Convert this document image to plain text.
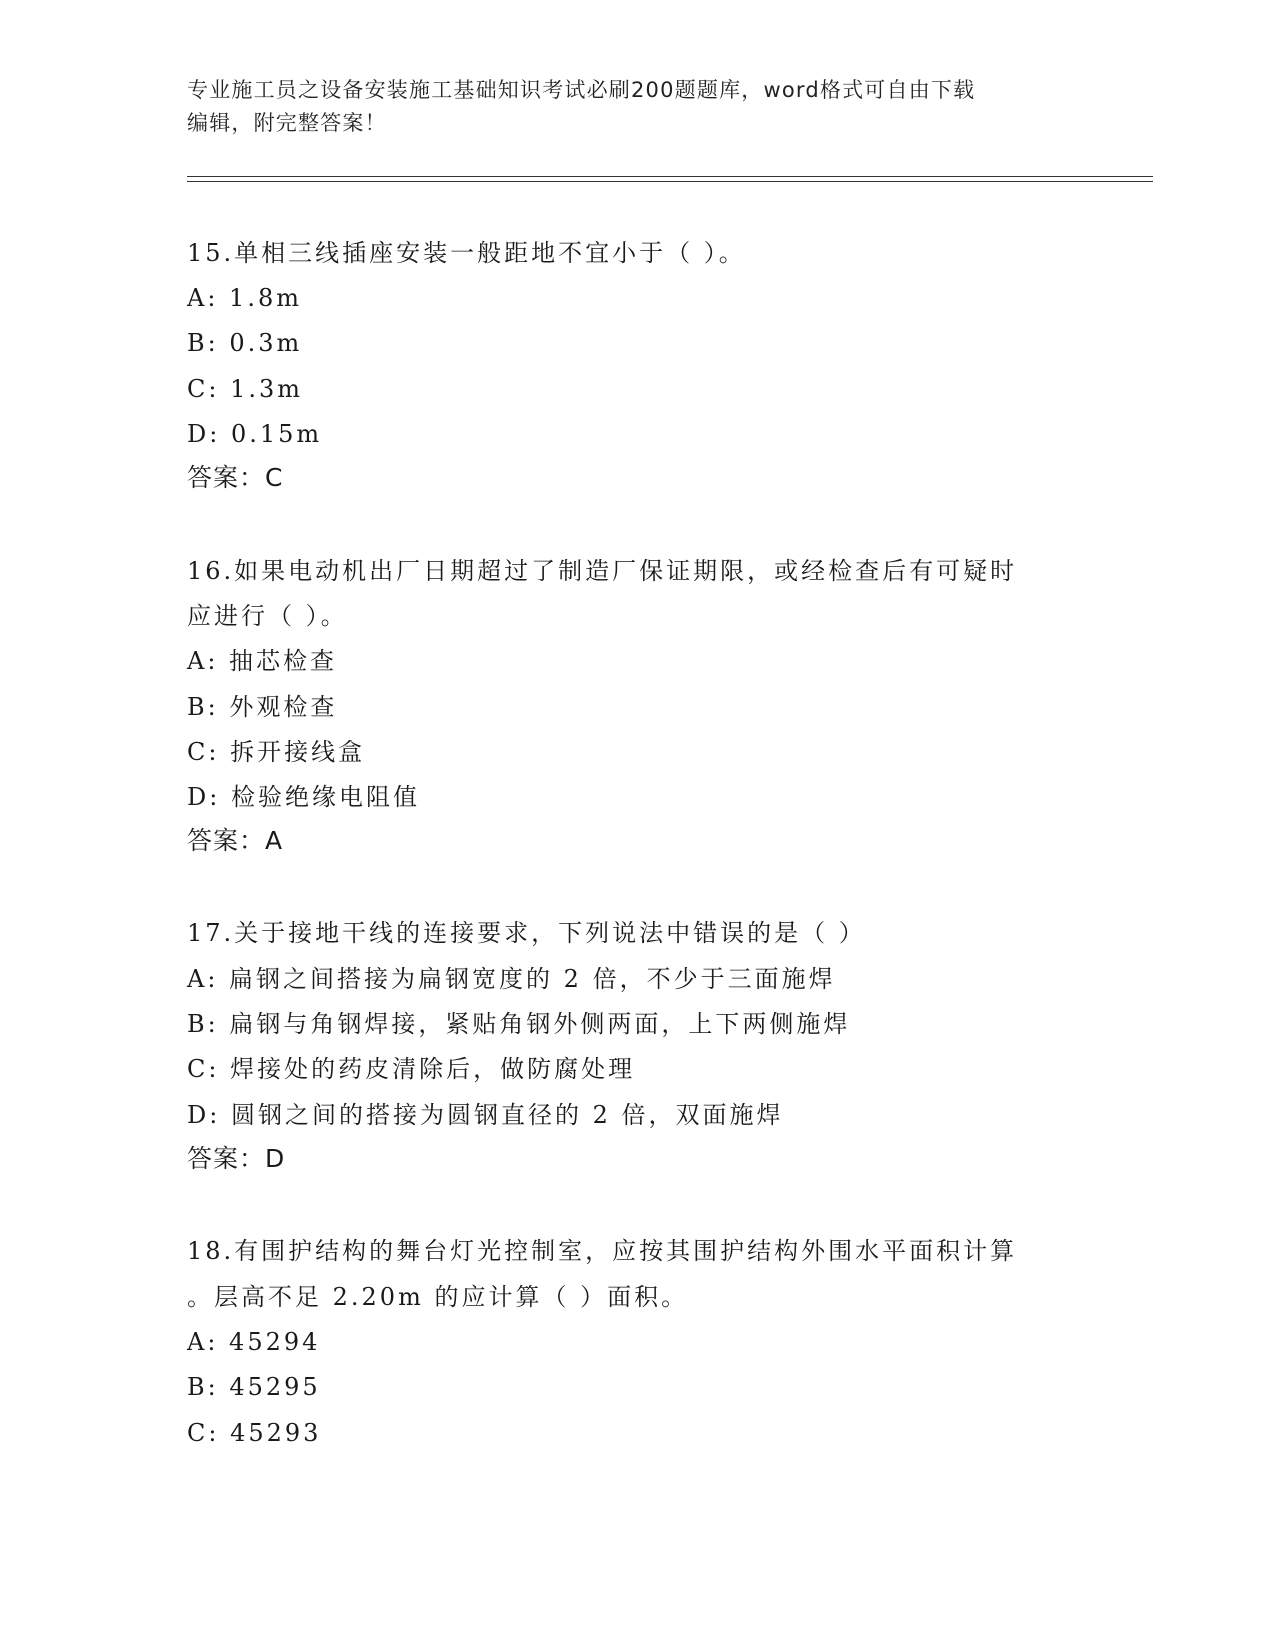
专业施工员之设备安装施工基础知识考试必刷200题题库，word格式可自由下载
编辑，附完整答案！
15.单相三线插座安装一般距地不宜小于（ ）。
A: 1.8m
B: 0.3m
C: 1.3m
D: 0.15m
答案：C
16.如果电动机出厂日期超过了制造厂保证期限，或经检查后有可疑时
应进行（ ）。
A: 抽芯检查
B: 外观检查
C: 拆开接线盒
D: 检验绝缘电阻值
答案：A
17.关于接地干线的连接要求，下列说法中错误的是（ ）
A: 扁钢之间搭接为扁钢宽度的 2 倍，不少于三面施焊
B: 扁钢与角钢焊接，紧贴角钢外侧两面，上下两侧施焊
C: 焊接处的药皮清除后，做防腐处理
D: 圆钢之间的搭接为圆钢直径的 2 倍，双面施焊
答案：D
18.有围护结构的舞台灯光控制室，应按其围护结构外围水平面积计算
。层高不足 2.20m 的应计算（ ）面积。
A: 45294
B: 45295
C: 45293
